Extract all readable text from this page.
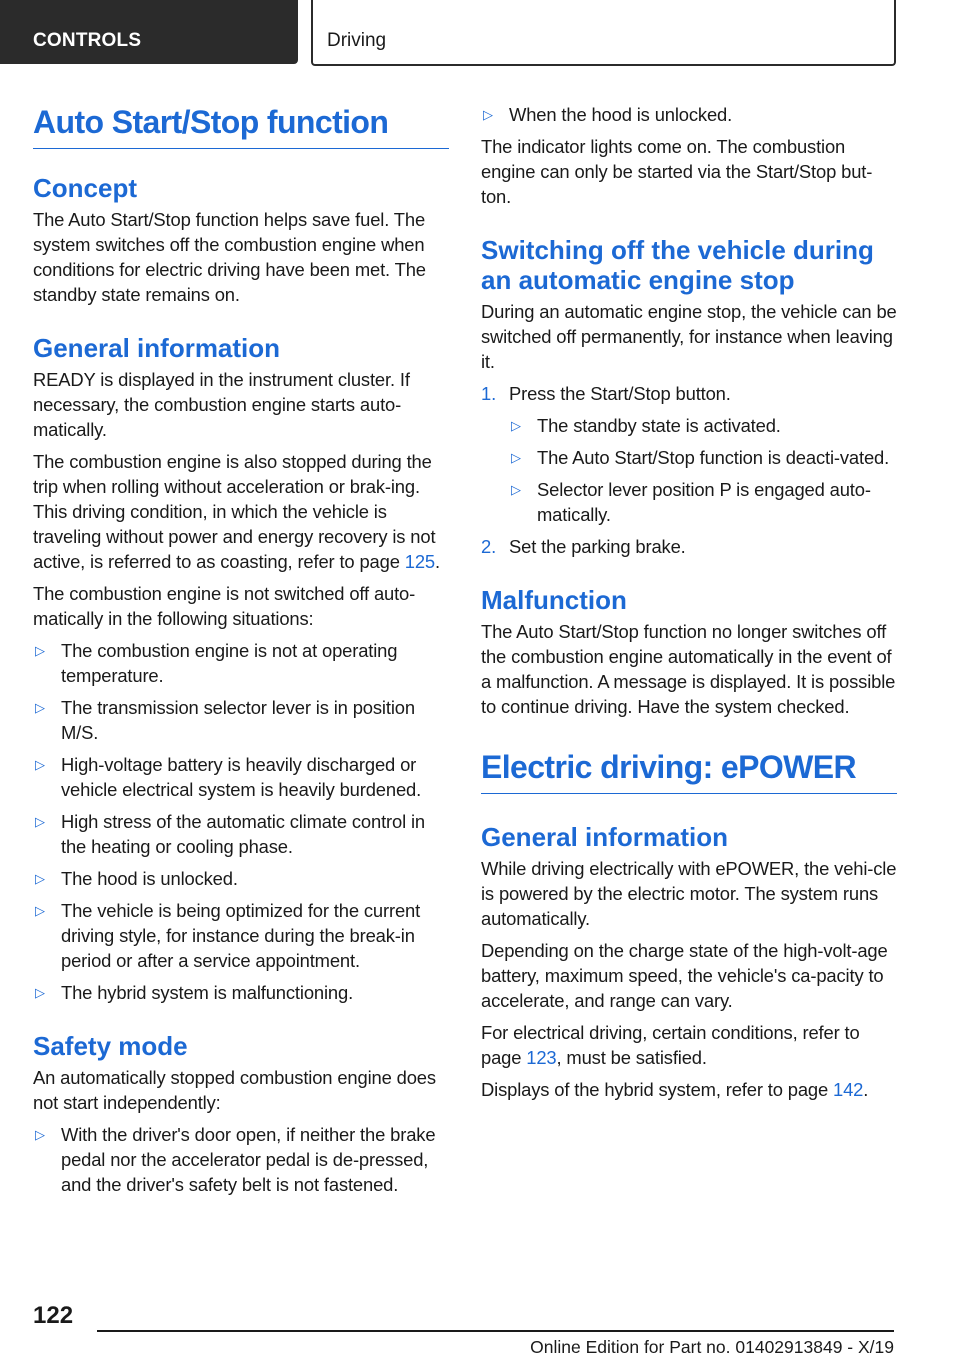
CONTROLS	Driving
Auto Start/Stop function
Concept
The Auto Start/Stop function helps save fuel. The system switches off the combustion engine when conditions for electric driving have been met. The standby state remains on.
General information
READY is displayed in the instrument cluster. If necessary, the combustion engine starts auto-matically.
The combustion engine is also stopped during the trip when rolling without acceleration or brak-ing. This driving condition, in which the vehicle is traveling without power and energy recovery is not active, is referred to as coasting, refer to page 125.
The combustion engine is not switched off auto-matically in the following situations:
▷ The combustion engine is not at operating temperature.
▷ The transmission selector lever is in position M/S.
▷ High-voltage battery is heavily discharged or vehicle electrical system is heavily burdened.
▷ High stress of the automatic climate control in the heating or cooling phase.
▷ The hood is unlocked.
▷ The vehicle is being optimized for the current driving style, for instance during the break-in period or after a service appointment.
▷ The hybrid system is malfunctioning.
Safety mode
An automatically stopped combustion engine does not start independently:
▷ With the driver's door open, if neither the brake pedal nor the accelerator pedal is de-pressed, and the driver's safety belt is not fastened.
▷ When the hood is unlocked.
The indicator lights come on. The combustion engine can only be started via the Start/Stop but-ton.
Switching off the vehicle during an automatic engine stop
During an automatic engine stop, the vehicle can be switched off permanently, for instance when leaving it.
1. Press the Start/Stop button.
▷ The standby state is activated.
▷ The Auto Start/Stop function is deacti-vated.
▷ Selector lever position P is engaged auto-matically.
2. Set the parking brake.
Malfunction
The Auto Start/Stop function no longer switches off the combustion engine automatically in the event of a malfunction. A message is displayed. It is possible to continue driving. Have the system checked.
Electric driving: ePOWER
General information
While driving electrically with ePOWER, the vehi-cle is powered by the electric motor. The system runs automatically.
Depending on the charge state of the high-volt-age battery, maximum speed, the vehicle's ca-pacity to accelerate, and range can vary.
For electrical driving, certain conditions, refer to page 123, must be satisfied.
Displays of the hybrid system, refer to page 142.
122
Online Edition for Part no. 01402913849 - X/19
